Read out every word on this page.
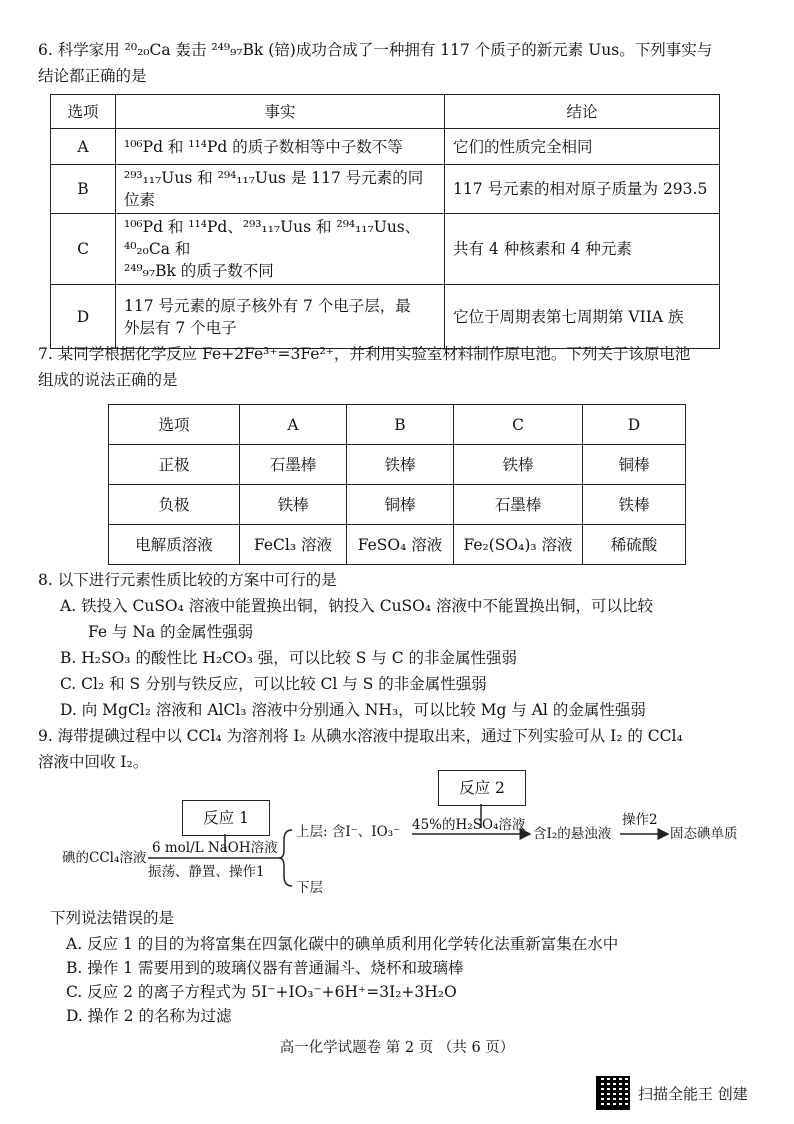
6. 科学家用 ²⁰₂₀Ca 轰击 ²⁴⁹₉₇Bk (锫)成功合成了一种拥有 117 个质子的新元素 Uus。下列事实与
结论都正确的是
选项	事实	结论
A	¹⁰⁶Pd 和 ¹¹⁴Pd 的质子数相等中子数不等	它们的性质完全相同
B	²⁹³₁₁₇Uus 和 ²⁹⁴₁₁₇Uus 是 117 号元素的同位素	117 号元素的相对原子质量为 293.5
C	¹⁰⁶Pd 和 ¹¹⁴Pd、²⁹³₁₁₇Uus 和 ²⁹⁴₁₁₇Uus、⁴⁰₂₀Ca 和
²⁴⁹₉₇Bk 的质子数不同	共有 4 种核素和 4 种元素
D	117 号元素的原子核外有 7 个电子层，最
外层有 7 个电子	它位于周期表第七周期第 VIIA 族
7. 某同学根据化学反应 Fe+2Fe³⁺=3Fe²⁺，并利用实验室材料制作原电池。下列关于该原电池
组成的说法正确的是
选项	A	B	C	D
正极	石墨棒	铁棒	铁棒	铜棒
负极	铁棒	铜棒	石墨棒	铁棒
电解质溶液	FeCl₃ 溶液	FeSO₄ 溶液	Fe₂(SO₄)₃ 溶液	稀硫酸
8. 以下进行元素性质比较的方案中可行的是
A. 铁投入 CuSO₄ 溶液中能置换出铜，钠投入 CuSO₄ 溶液中不能置换出铜，可以比较
Fe 与 Na 的金属性强弱
B. H₂SO₃ 的酸性比 H₂CO₃ 强，可以比较 S 与 C 的非金属性强弱
C. Cl₂ 和 S 分别与铁反应，可以比较 Cl 与 S 的非金属性强弱
D. 向 MgCl₂ 溶液和 AlCl₃ 溶液中分别通入 NH₃，可以比较 Mg 与 Al 的金属性强弱
9. 海带提碘过程中以 CCl₄ 为溶剂将 I₂ 从碘水溶液中提取出来，通过下列实验可从 I₂ 的 CCl₄
溶液中回收 I₂。
反应 1
反应 2
碘的CCl₄溶液
6 mol/L NaOH溶液
振荡、静置、操作1
上层: 含I⁻、IO₃⁻
下层
45%的H₂SO₄溶液
含I₂的悬浊液
操作2
固态碘单质
下列说法错误的是
A. 反应 1 的目的为将富集在四氯化碳中的碘单质利用化学转化法重新富集在水中
B. 操作 1 需要用到的玻璃仪器有普通漏斗、烧杯和玻璃棒
C. 反应 2 的离子方程式为 5I⁻+IO₃⁻+6H⁺=3I₂+3H₂O
D. 操作 2 的名称为过滤
高一化学试题卷 第 2 页 （共 6 页）
扫描全能王 创建
